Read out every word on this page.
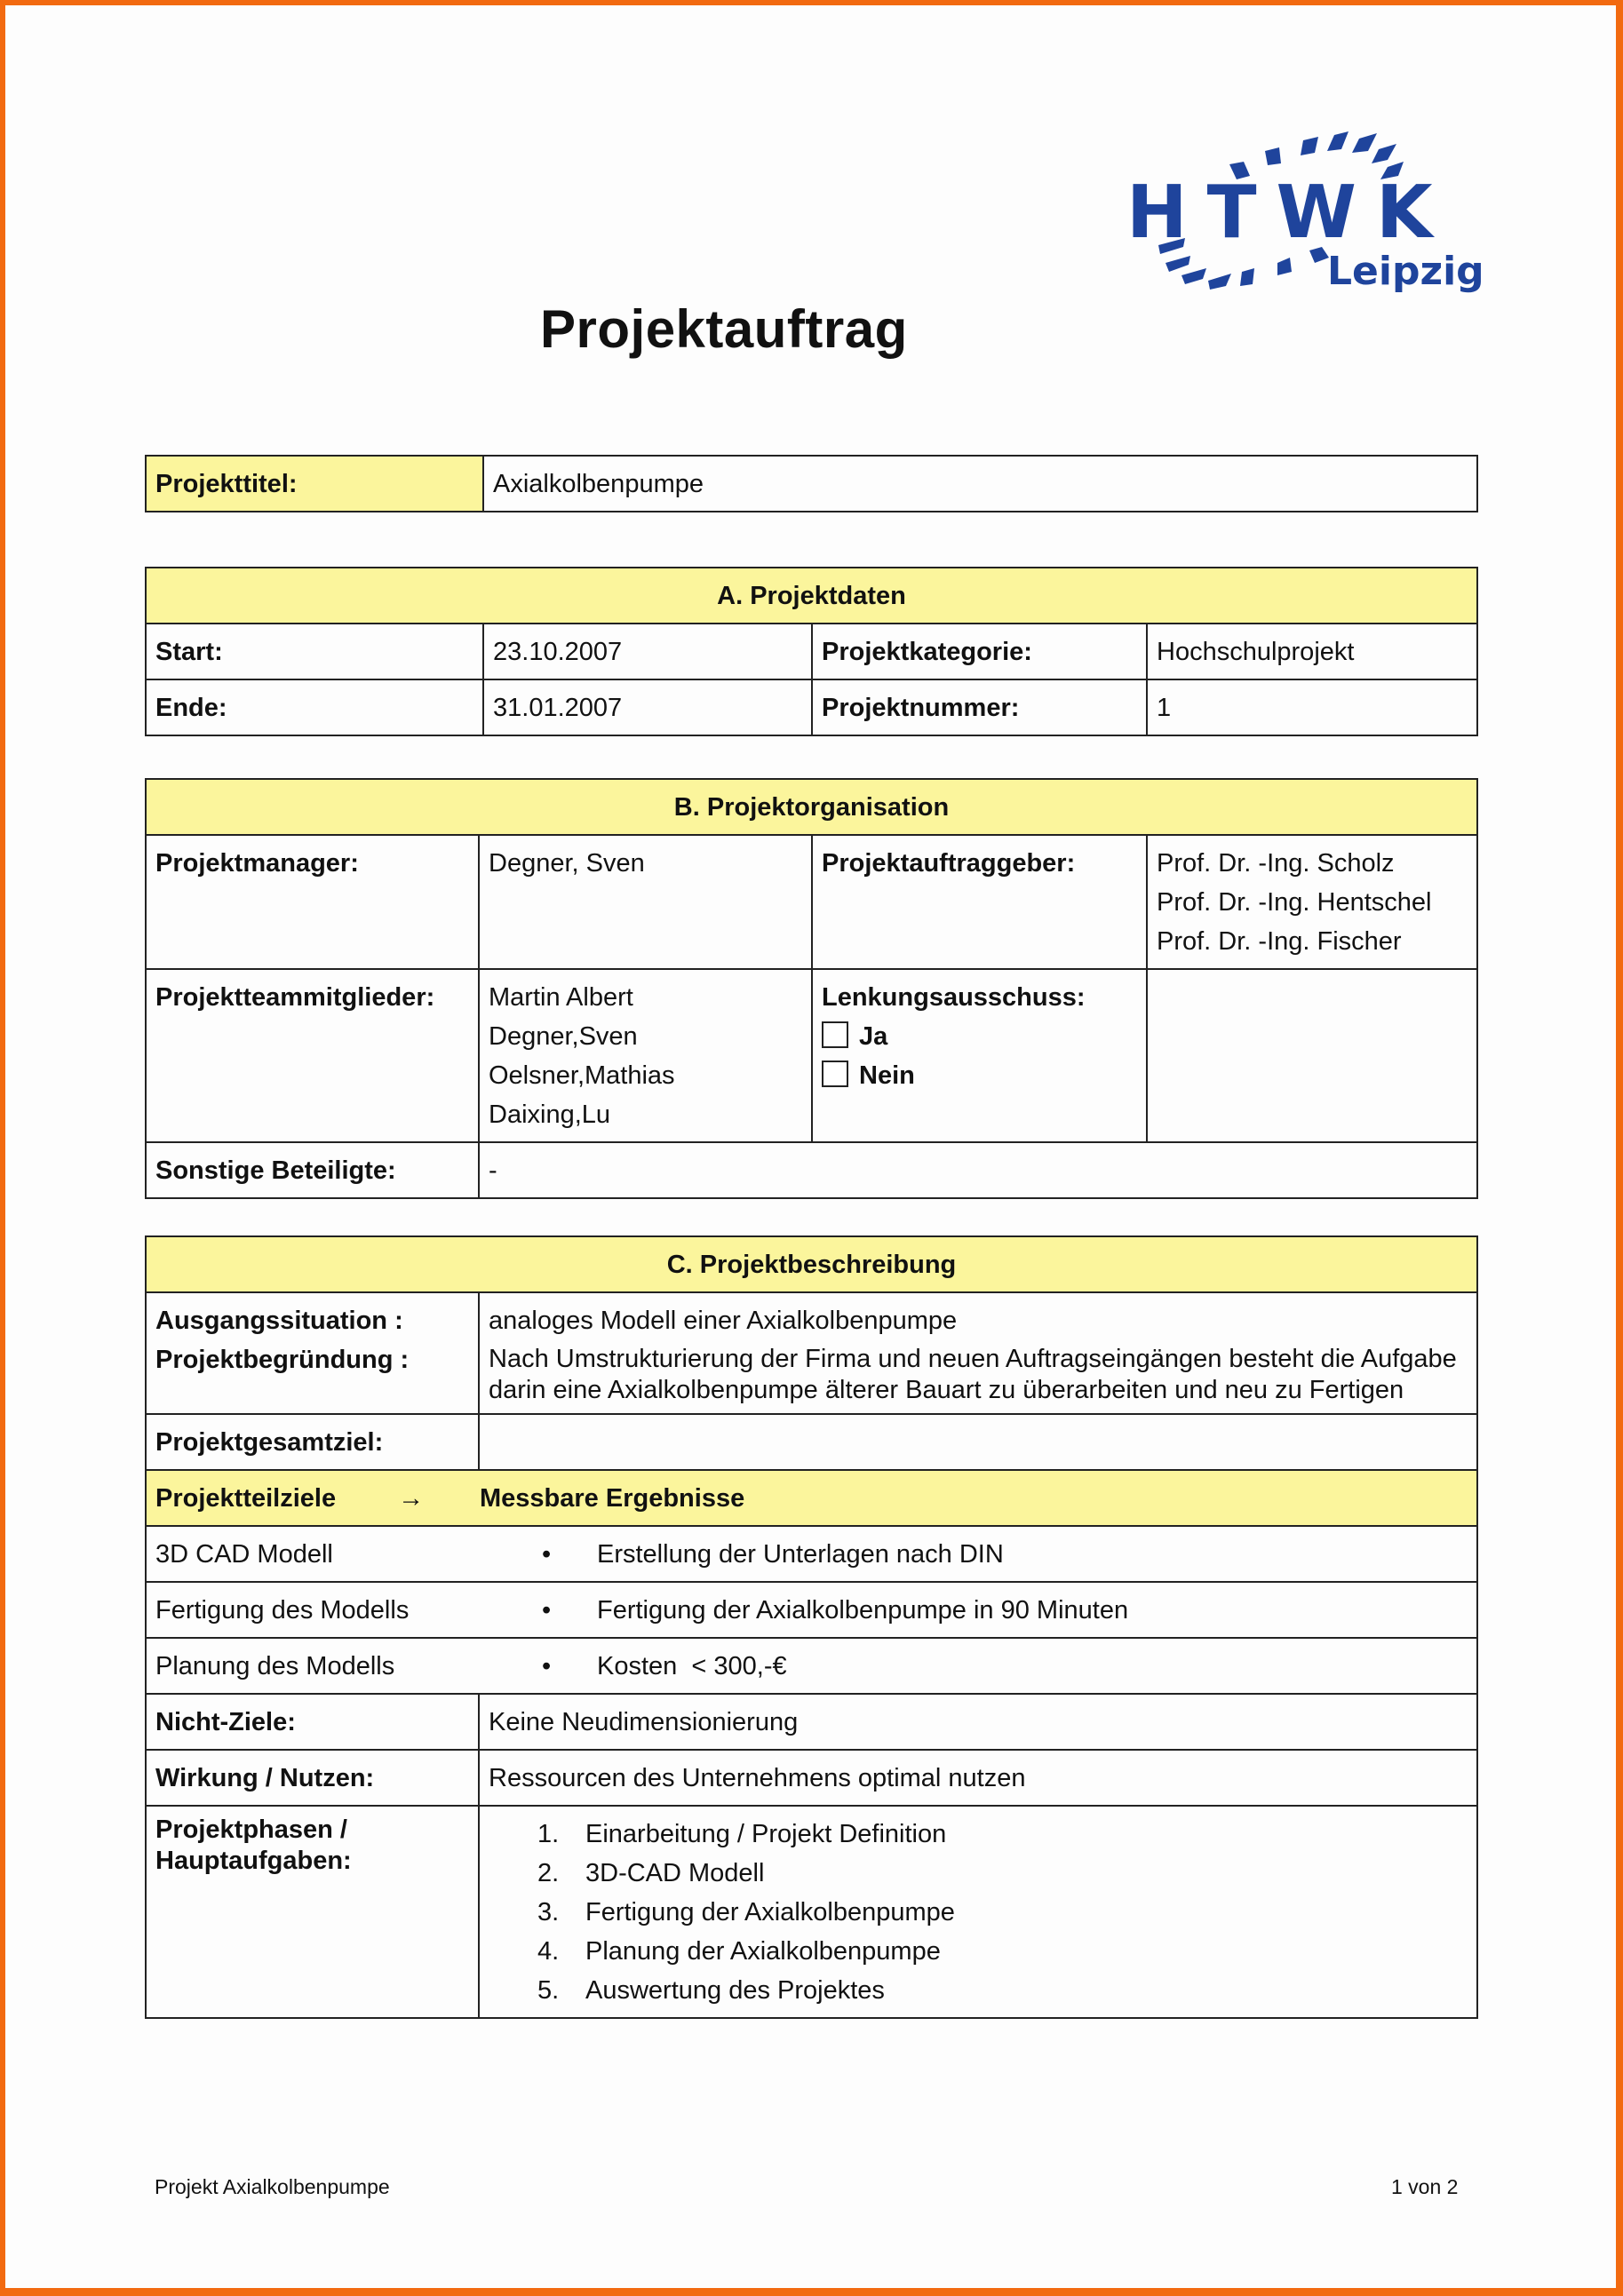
HTWK
Leipzig
Projektauftrag
Projekttitel:	Axialkolbenpumpe
A. Projektdaten			
Start:	23.10.2007	Projektkategorie:	Hochschulprojekt
Ende:	31.01.2007	Projektnummer:	1
B. Projektorganisation			
Projektmanager:	Degner, Sven	Projektauftraggeber:	Prof. Dr. -Ing. Scholz
Prof. Dr. -Ing. Hentschel
Prof. Dr. -Ing. Fischer

Projektteammitglieder:	Martin Albert
Degner,Sven
Oelsner,Mathias
Daixing,Lu	Lenkungsausschuss:
Ja
Nein	

Sonstige Beteiligte:	-		
C. Projektbeschreibung	

Ausgangssituation :
Projektbegründung :	analoges Modell einer Axialkolbenpumpe
Nach Umstrukturierung der Firma und neuen Auftragseingängen besteht die Aufgabe darin eine Axialkolbenpumpe älterer Bauart zu überarbeiten und neu zu Fertigen

Projektgesamtziel:	
Projektteilziele → Messbare Ergebnisse	
3D CAD Modell • Erstellung der Unterlagen nach DIN	
Fertigung des Modells • Fertigung der Axialkolbenpumpe in 90 Minuten	
Planung des Modells • Kosten  < 300,-€	
Nicht-Ziele:	Keine Neudimensionierung
Wirkung / Nutzen:	Ressourcen des Unternehmens optimal nutzen

Projektphasen /
Hauptaufgaben:	1. Einarbeitung / Projekt Definition
2. 3D-CAD Modell
3. Fertigung der Axialkolbenpumpe
4. Planung der Axialkolbenpumpe
5. Auswertung des Projektes
Projekt Axialkolbenpumpe	1 von 2
